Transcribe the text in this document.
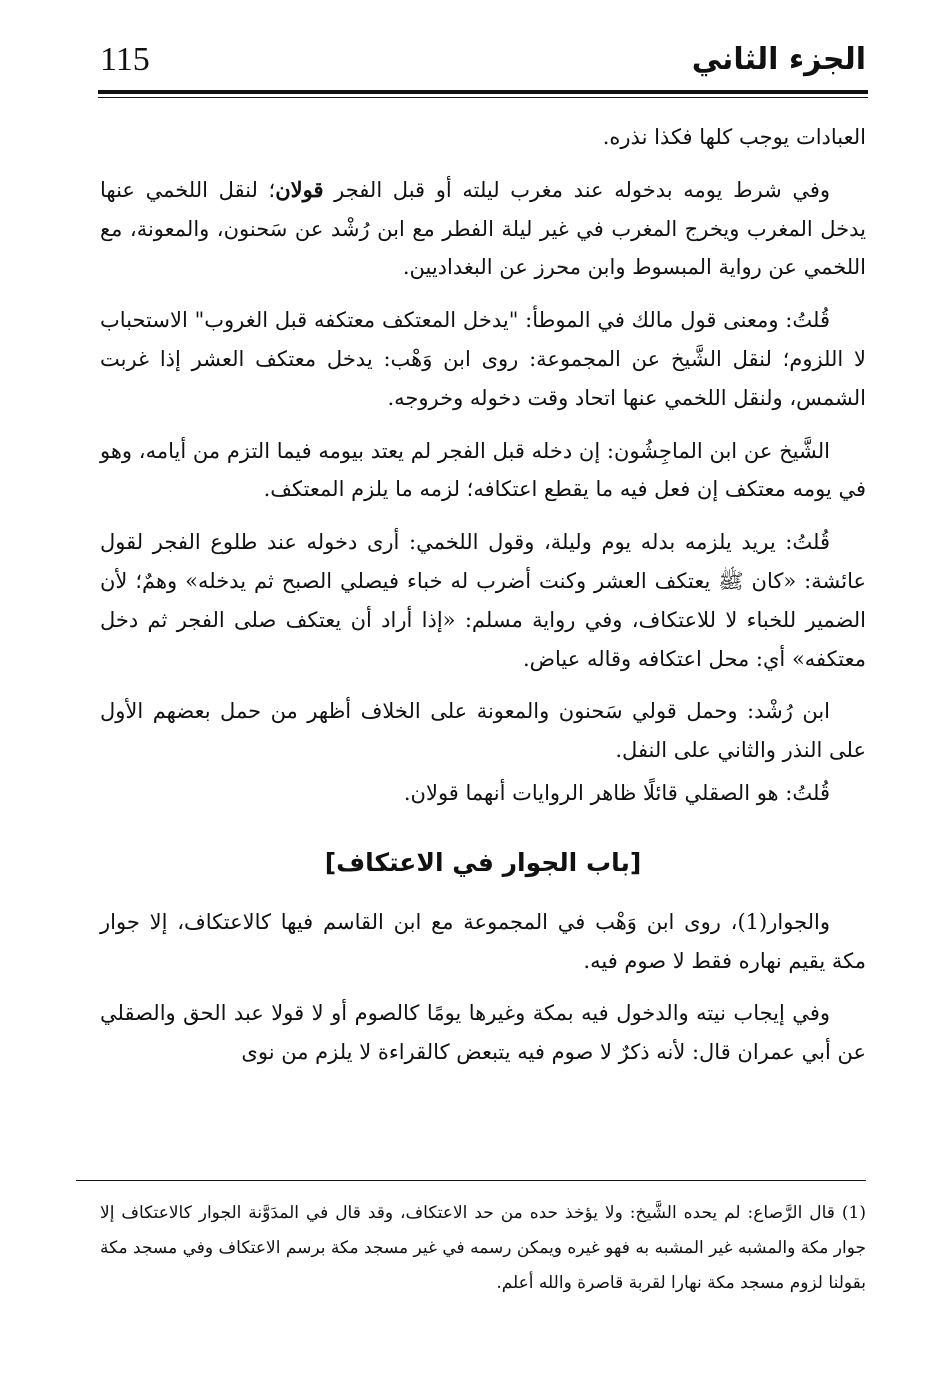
115	الجزء الثاني

العبادات يوجب كلها فكذا نذره.

وفي شرط يومه بدخوله عند مغرب ليلته أو قبل الفجر قولان؛ لنقل اللخمي عنها يدخل المغرب ويخرج المغرب في غير ليلة الفطر مع ابن رُشْد عن سَحنون، والمعونة، مع اللخمي عن رواية المبسوط وابن محرز عن البغداديين.

قُلتُ: ومعنى قول مالك في الموطأ: "يدخل المعتكف معتكفه قبل الغروب" الاستحباب لا اللزوم؛ لنقل الشَّيخ عن المجموعة: روى ابن وَهْب: يدخل معتكف العشر إذا غربت الشمس، ولنقل اللخمي عنها اتحاد وقت دخوله وخروجه.

الشَّيخ عن ابن الماجِشُون: إن دخله قبل الفجر لم يعتد بيومه فيما التزم من أيامه، وهو في يومه معتكف إن فعل فيه ما يقطع اعتكافه؛ لزمه ما يلزم المعتكف.

قُلتُ: يريد يلزمه بدله يوم وليلة، وقول اللخمي: أرى دخوله عند طلوع الفجر لقول عائشة: «كان ﷺ يعتكف العشر وكنت أضرب له خباء فيصلي الصبح ثم يدخله» وهمٌ؛ لأن الضمير للخباء لا للاعتكاف، وفي رواية مسلم: «إذا أراد أن يعتكف صلى الفجر ثم دخل معتكفه» أي: محل اعتكافه وقاله عياض.

ابن رُشْد: وحمل قولي سَحنون والمعونة على الخلاف أظهر من حمل بعضهم الأول على النذر والثاني على النفل.

قُلتُ: هو الصقلي قائلًا ظاهر الروايات أنهما قولان.

[باب الجوار في الاعتكاف]

والجوار(1)، روى ابن وَهْب في المجموعة مع ابن القاسم فيها كالاعتكاف، إلا جوار مكة يقيم نهاره فقط لا صوم فيه.

وفي إيجاب نيته والدخول فيه بمكة وغيرها يومًا كالصوم أو لا قولا عبد الحق والصقلي عن أبي عمران قال: لأنه ذكرٌ لا صوم فيه يتبعض كالقراءة لا يلزم من نوى

(1) قال الرَّصاع: لم يحده الشَّيخ: ولا يؤخذ حده من حد الاعتكاف، وقد قال في المدَوَّنة الجوار كالاعتكاف إلا جوار مكة والمشبه غير المشبه به فهو غيره ويمكن رسمه في غير مسجد مكة برسم الاعتكاف وفي مسجد مكة بقولنا لزوم مسجد مكة نهارا لقربة قاصرة والله أعلم.
